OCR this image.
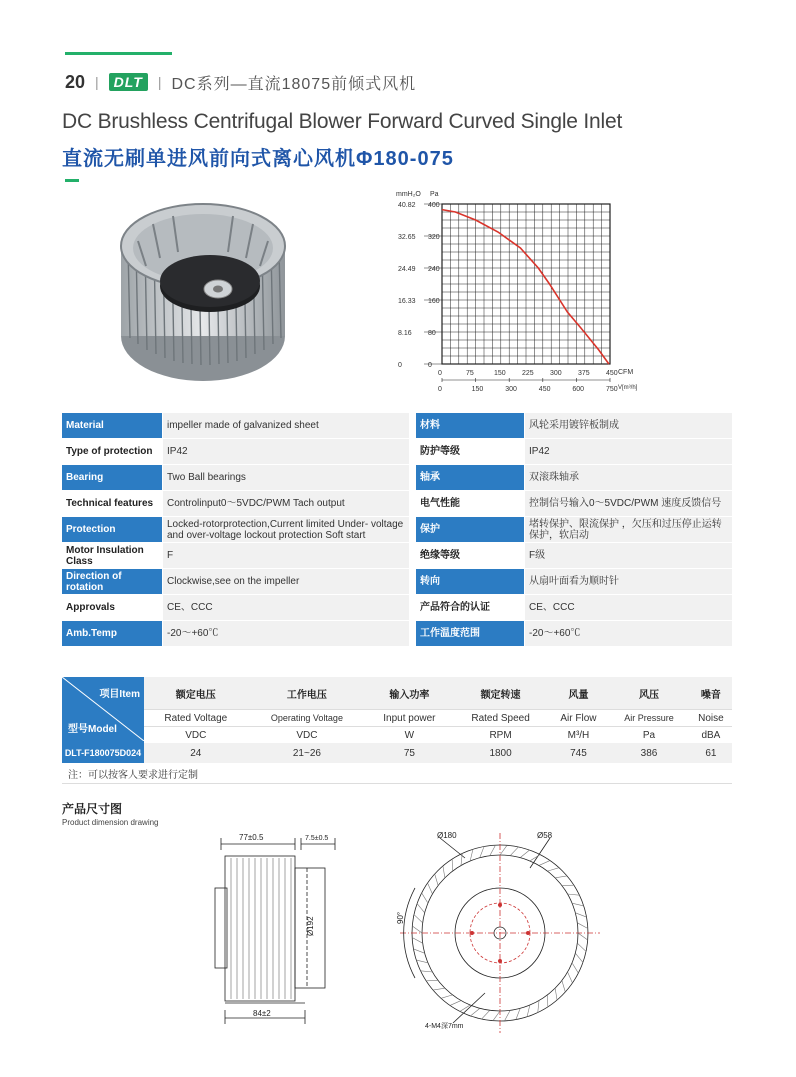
20 |	DLT	| DC系列—直流18075前倾式风机
DC Brushless Centrifugal Blower Forward Curved Single Inlet
直流无刷单进风前向式离心风机Φ180-075
mmH₂O Pa
40.82 400
32.65 320
24.49 240
16.33 160
8.16 80
0	0
0	75	150 225 300 375 450
0	150	300	450	600	750
CFM
V[m³/h]
Material		impeller made of galvanized sheet
Type of protection		IP42
Bearing		Two Ball bearings
Technical features		Controlinput0～5VDC/PWM Tach output
Protection		Locked-rotorprotection,Current limited Under- voltage and over-voltage lockout protection Soft start
Motor Insulation Class		F
Direction of rotation		Clockwise,see on the impeller
Approvals		CE、CCC
Amb.Temp		-20～+60℃
材料		风轮采用镀锌板制成
防护等级		IP42
轴承		双滚珠轴承
电气性能		控制信号输入0～5VDC/PWM 速度反馈信号
保护		堵转保护、限流保护 ，欠压和过压停止运转保护，软启动
绝缘等级		F级
转向		从扇叶面看为顺时针
产品符合的认证		CE、CCC
工作温度范围		-20～+60℃
项目Item
型号Model	额定电压	工作电压	输入功率	额定转速	风量	风压	噪音
	Rated Voltage	Operating Voltage	Input power	Rated Speed	Air Flow	Air Pressure	Noise
	VDC	VDC	W	RPM	M³/H	Pa	dBA
DLT-F180075D024	24	21~26	75	1800	745	386	61
注：可以按客人要求进行定制							
产品尺寸图
Product dimension drawing
77±0.5	7.5±0.5
Ø192
84±2
Ø180	Ø58
90°
4-M4深7mm
